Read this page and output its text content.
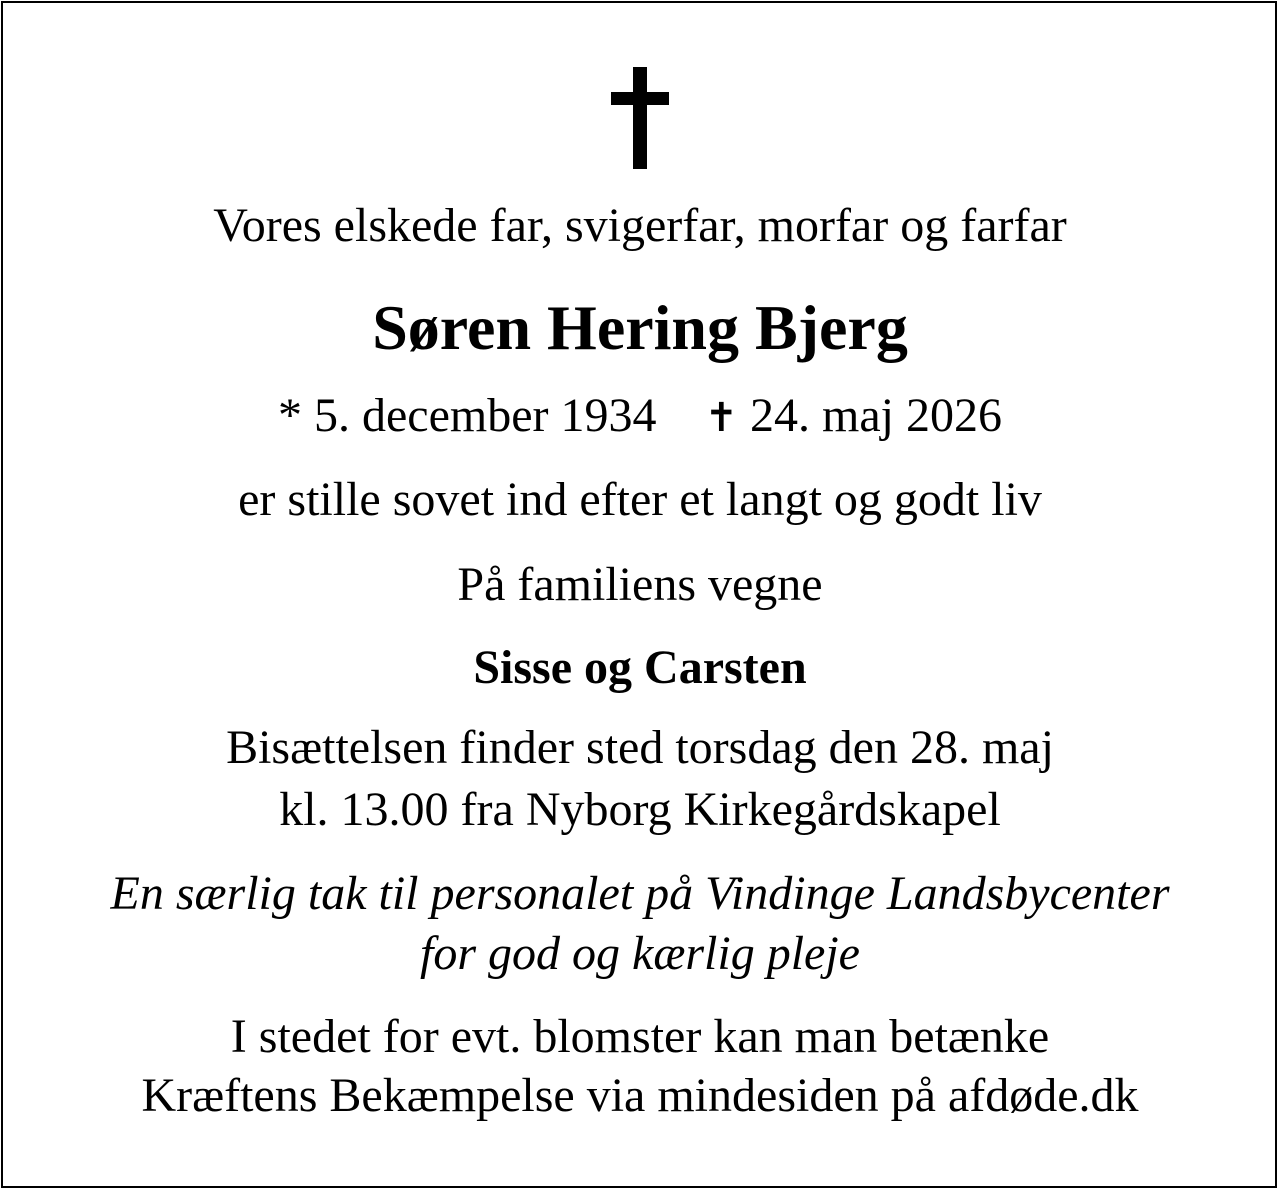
Vores elskede far, svigerfar, morfar og farfar
Søren Hering Bjerg
* 5. december 1934 ✝ 24. maj 2026
er stille sovet ind efter et langt og godt liv
På familiens vegne
Sisse og Carsten
Bisættelsen finder sted torsdag den 28. maj
kl. 13.00 fra Nyborg Kirkegårdskapel
En særlig tak til personalet på Vindinge Landsbycenter
for god og kærlig pleje
I stedet for evt. blomster kan man betænke
Kræftens Bekæmpelse via mindesiden på afdøde.dk
